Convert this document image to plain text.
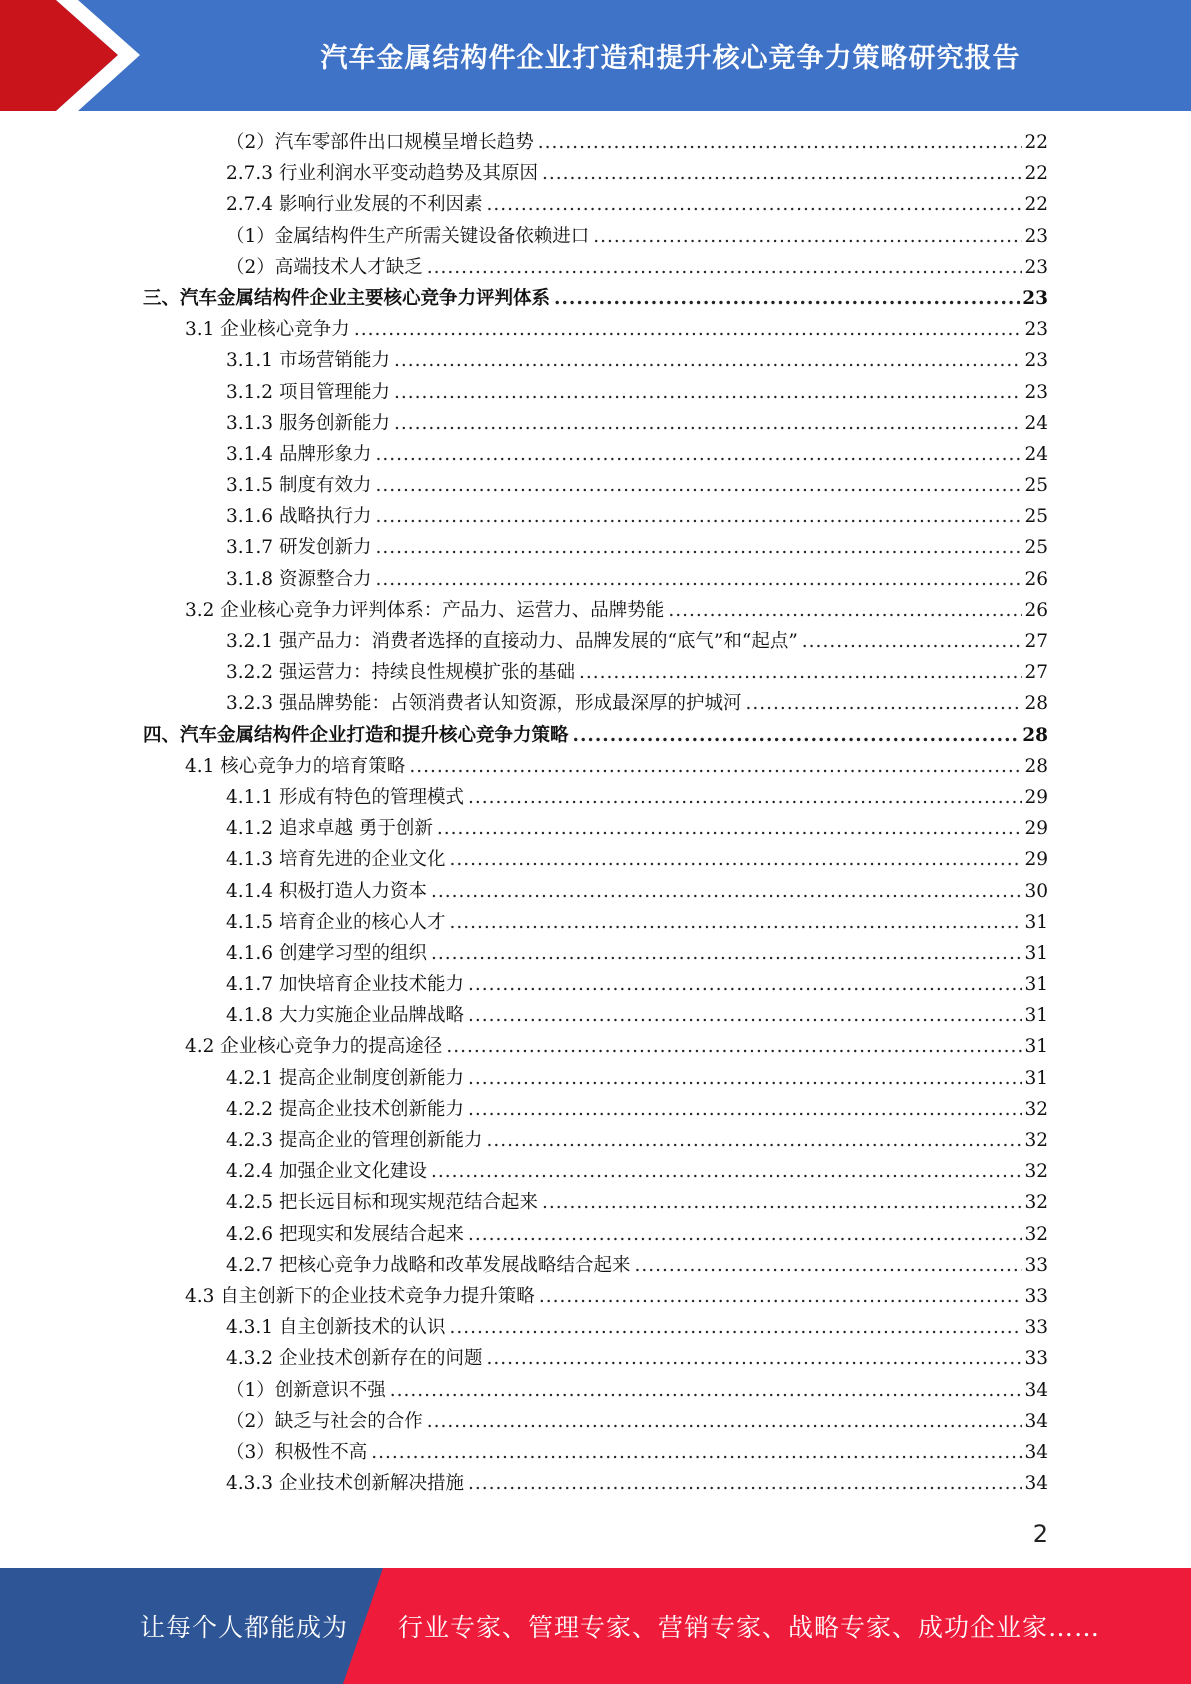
汽车金属结构件企业打造和提升核心竞争力策略研究报告
（2）汽车零部件出口规模呈增长趋势 .....	22
2.7.3 行业利润水平变动趋势及其原因 .....	22
2.7.4 影响行业发展的不利因素 .....	22
（1）金属结构件生产所需关键设备依赖进口 .....	23
（2）高端技术人才缺乏 .....	23
三、汽车金属结构件企业主要核心竞争力评判体系 .....	23
3.1 企业核心竞争力 .....	23
3.1.1 市场营销能力 .....	23
3.1.2 项目管理能力 .....	23
3.1.3 服务创新能力 .....	24
3.1.4 品牌形象力 .....	24
3.1.5 制度有效力 .....	25
3.1.6 战略执行力 .....	25
3.1.7 研发创新力 .....	25
3.1.8 资源整合力 .....	26
3.2 企业核心竞争力评判体系：产品力、运营力、品牌势能 .....	26
3.2.1 强产品力：消费者选择的直接动力、品牌发展的“底气”和“起点” .....	27
3.2.2 强运营力：持续良性规模扩张的基础 .....	27
3.2.3 强品牌势能：占领消费者认知资源，形成最深厚的护城河 .....	28
四、汽车金属结构件企业打造和提升核心竞争力策略 .....	28
4.1 核心竞争力的培育策略 .....	28
4.1.1 形成有特色的管理模式 .....	29
4.1.2 追求卓越 勇于创新 .....	29
4.1.3 培育先进的企业文化 .....	29
4.1.4 积极打造人力资本 .....	30
4.1.5 培育企业的核心人才 .....	31
4.1.6 创建学习型的组织 .....	31
4.1.7 加快培育企业技术能力 .....	31
4.1.8 大力实施企业品牌战略 .....	31
4.2 企业核心竞争力的提高途径 .....	31
4.2.1 提高企业制度创新能力 .....	31
4.2.2 提高企业技术创新能力 .....	32
4.2.3 提高企业的管理创新能力 .....	32
4.2.4 加强企业文化建设 .....	32
4.2.5 把长远目标和现实规范结合起来 .....	32
4.2.6 把现实和发展结合起来 .....	32
4.2.7 把核心竞争力战略和改革发展战略结合起来 .....	33
4.3 自主创新下的企业技术竞争力提升策略 .....	33
4.3.1 自主创新技术的认识 .....	33
4.3.2 企业技术创新存在的问题 .....	33
（1）创新意识不强 .....	34
（2）缺乏与社会的合作 .....	34
（3）积极性不高 .....	34
4.3.3 企业技术创新解决措施 .....	34
2
让每个人都能成为 行业专家、管理专家、营销专家、战略专家、成功企业家……
